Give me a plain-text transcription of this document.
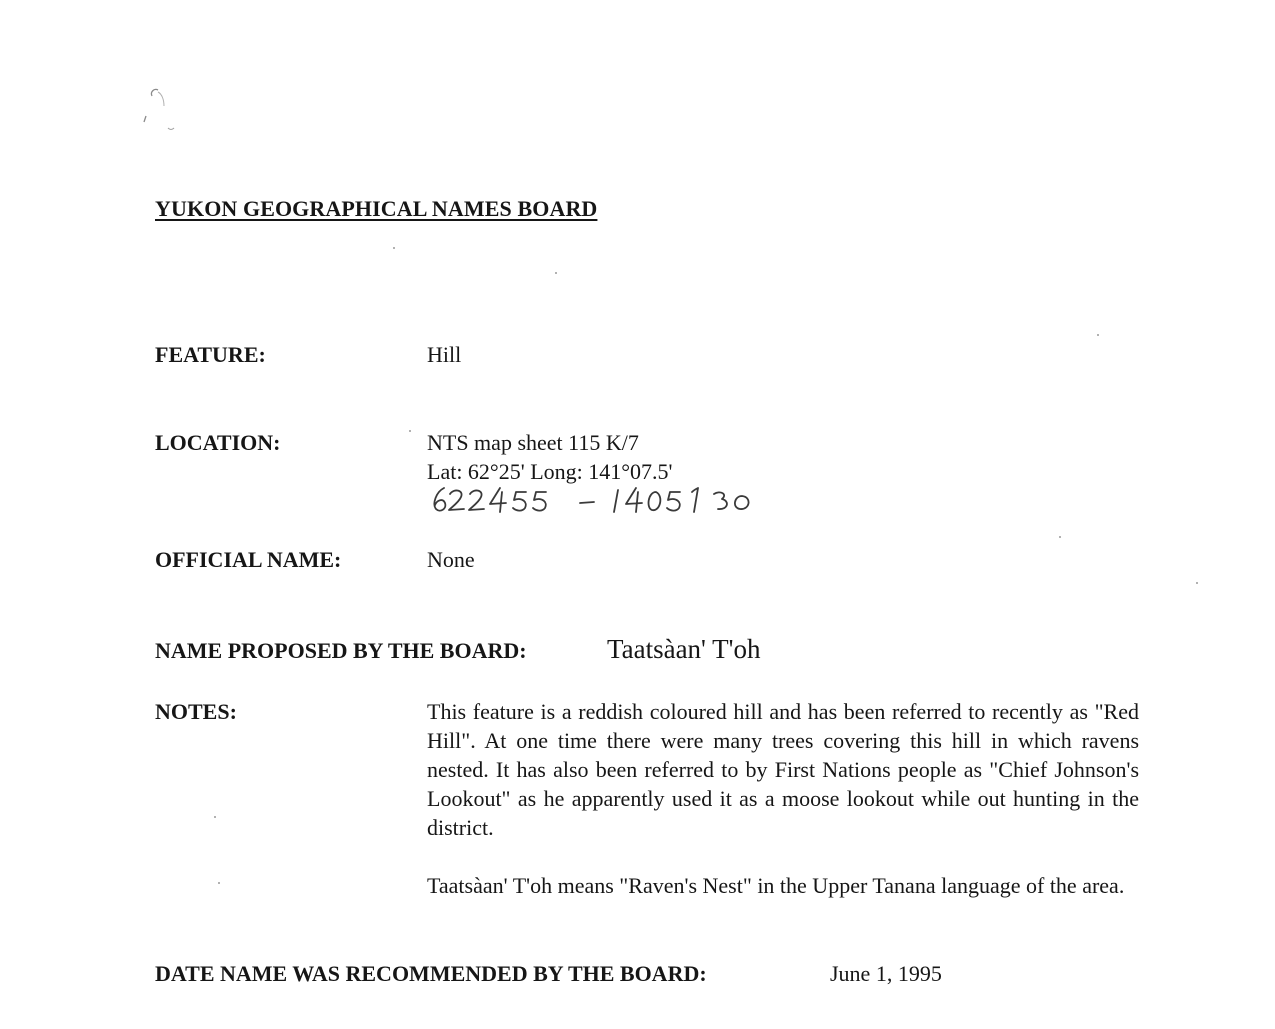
YUKON GEOGRAPHICAL NAMES BOARD
FEATURE:	Hill
LOCATION:	NTS map sheet 115 K/7
Lat: 62°25' Long: 141°07.5'
OFFICIAL NAME:	None
NAME PROPOSED BY THE BOARD:	Taatsàan' T'oh
NOTES:	This feature is a reddish coloured hill and has been referred to recently as "Red Hill". At one time there were many trees covering this hill in which ravens nested. It has also been referred to by First Nations people as "Chief Johnson's Lookout" as he apparently used it as a moose lookout while out hunting in the district.

Taatsàan' T'oh means "Raven's Nest" in the Upper Tanana language of the area.

DATE NAME WAS RECOMMENDED BY THE BOARD:	June 1, 1995
